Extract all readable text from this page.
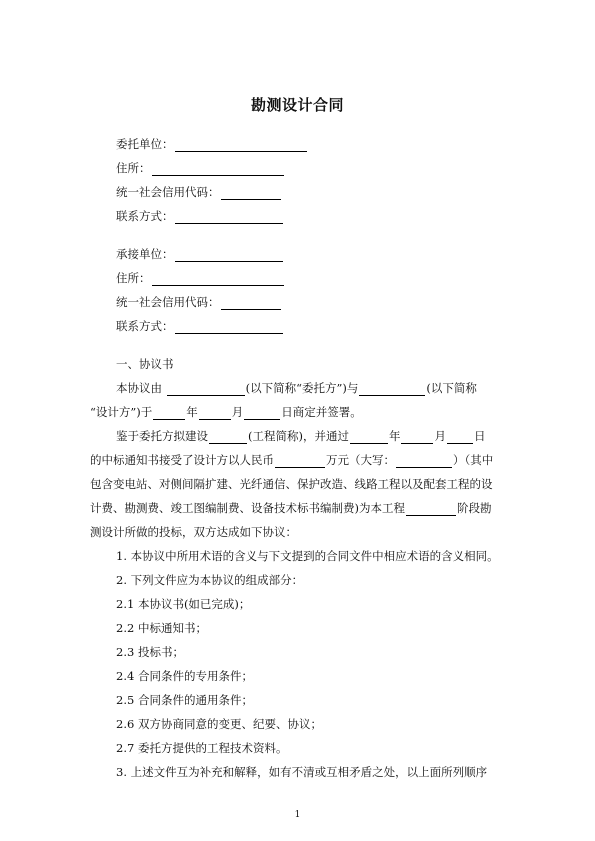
勘测设计合同
委托单位：
住所：
统一社会信用代码：
联系方式：
承接单位：
住所：
统一社会信用代码：
联系方式：
一、协议书
本协议由	(以下简称“委托方”)与	(以下简称
“设计方”)于	年	月	日商定并签署。
鉴于委托方拟建设	(工程简称)，并通过	年	月 日
的中标通知书接受了设计方以人民币	万元（大写：	）（其中
包含变电站、对侧间隔扩建、光纤通信、保护改造、线路工程以及配套工程的设
计费、勘测费、竣工图编制费、设备技术标书编制费)为本工程	阶段勘
测设计所做的投标，双方达成如下协议：
1. 本协议中所用术语的含义与下文提到的合同文件中相应术语的含义相同。
2. 下列文件应为本协议的组成部分：
2.1 本协议书(如已完成)；
2.2 中标通知书；
2.3 投标书；
2.4 合同条件的专用条件；
2.5 合同条件的通用条件；
2.6 双方协商同意的变更、纪要、协议；
2.7 委托方提供的工程技术资料。
3. 上述文件互为补充和解释，如有不清或互相矛盾之处，以上面所列顺序
1
